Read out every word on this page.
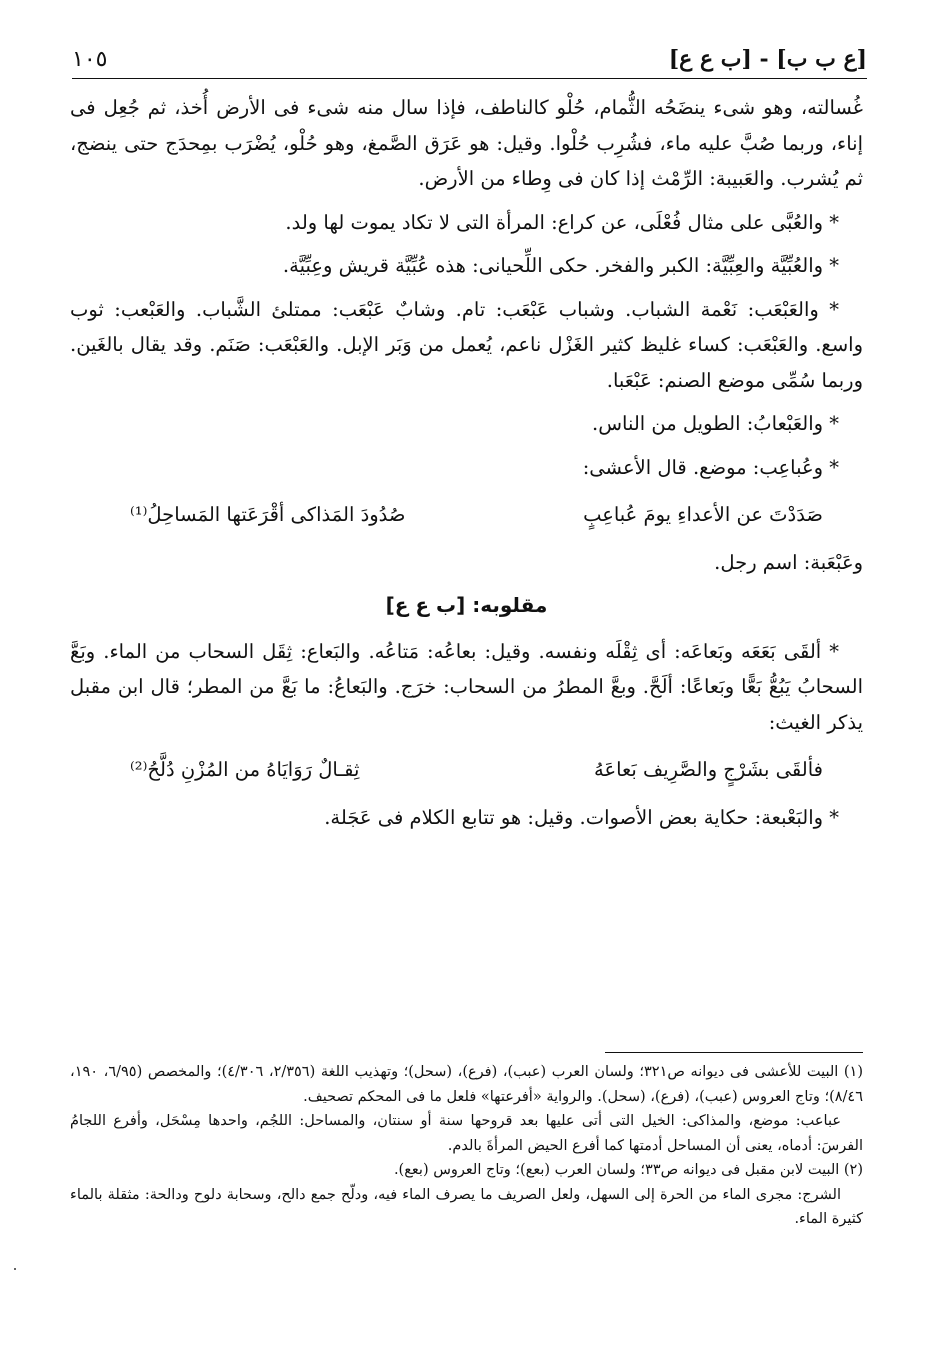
[ع ب ب] - [ب ع ع]
١٠٥

غُسالته، وهو شىء ينضَحُه الثُّمام، حُلْو كالناطف، فإذا سال منه شىء فى الأرض أُخذ، ثم جُعِل فى إناء، وربما صُبَّ عليه ماء، فشُرِب حُلْوا. وقيل: هو عَرَق الصَّمغ، وهو حُلْو، يُضْرَب بمِحدَج حتى ينضج، ثم يُشرب. والعَبيبة: الرِّمْث إذا كان فى وِطاء من الأرض.

* والعُبَّى على مثال فُعْلَى، عن كراع: المرأة التى لا تكاد يموت لها ولد.

* والعُبِّيَّة والعِبِّيَّة: الكبر والفخر. حكى اللِّحيانى: هذه عُبِّيَّة قريش وعِبِّيَّة.

* والعَبْعَب: نَعْمة الشباب. وشباب عَبْعَب: تام. وشابٌ عَبْعَب: ممتلئ الشَّباب. والعَبْعب: ثوب واسع. والعَبْعَب: كساء غليظ كثير الغَزْل ناعم، يُعمل من وَبَر الإبل. والعَبْعَب: صَنَم. وقد يقال بالغَين. وربما سُمِّى موضع الصنم: عَبْعَبا.

* والعَبْعابُ: الطويل من الناس.

* وعُباعِب: موضع. قال الأعشى:

صَدَدْتَ عن الأعداءِ يومَ عُباعِبٍ
صُدُودَ المَذاكى أقْرَعَتها المَساحِلُ⁽¹⁾

وعَبْعَبة: اسم رجل.

مقلوبه: [ب ع ع]

* ألقَى بَعَعَه وبَعاعَه: أى ثِقْلَه ونفسه. وقيل: بعاعُه: مَتاعُه. والبَعاع: ثِقَل السحاب من الماء. وبَعَّ السحابُ يَبُعُّ بَعًّا وبَعاعًا: ألَحَّ. وبعَّ المطرُ من السحاب: خرَج. والبَعاعُ: ما بَعَّ من المطر؛ قال ابن مقبل يذكر الغيث:

فألقَى بشَرْجٍ والصَّرِيف بَعاعَهُ
ثِقـالٌ رَوَايَاهُ من المُزْنِ دُلَّحُ⁽²⁾

* والبَعْبعة: حكاية بعض الأصوات. وقيل: هو تتابع الكلام فى عَجَلة.

(١) البيت للأعشى فى ديوانه ص٣٢١؛ ولسان العرب (عبب)، (فرع)، (سحل)؛ وتهذيب اللغة (٢/٣٥٦، ٤/٣٠٦)؛ والمخصص (٦/٩٥، ١٩٠، ٨/٤٦)؛ وتاج العروس (عبب)، (فرع)، (سحل). والرواية «أفرعتها» فلعل ما فى المحكم تصحيف.

عباعب: موضع، والمذاكى: الخيل التى أتى عليها بعد قروحها سنة أو سنتان، والمساحل: اللجُم، واحدها مِسْحَل، وأفرع اللجامُ الفرسَ: أدماه، يعنى أن المساحل أدمتها كما أفرع الحيض المرأةَ بالدم.

(٢) البيت لابن مقبل فى ديوانه ص٣٣؛ ولسان العرب (بعع)؛ وتاج العروس (بعع).

الشرج: مجرى الماء من الحرة إلى السهل، ولعل الصريف ما يصرف الماء فيه، ودلّح جمع دالح، وسحابة دلوح ودالحة: مثقلة بالماء كثيرة الماء.
